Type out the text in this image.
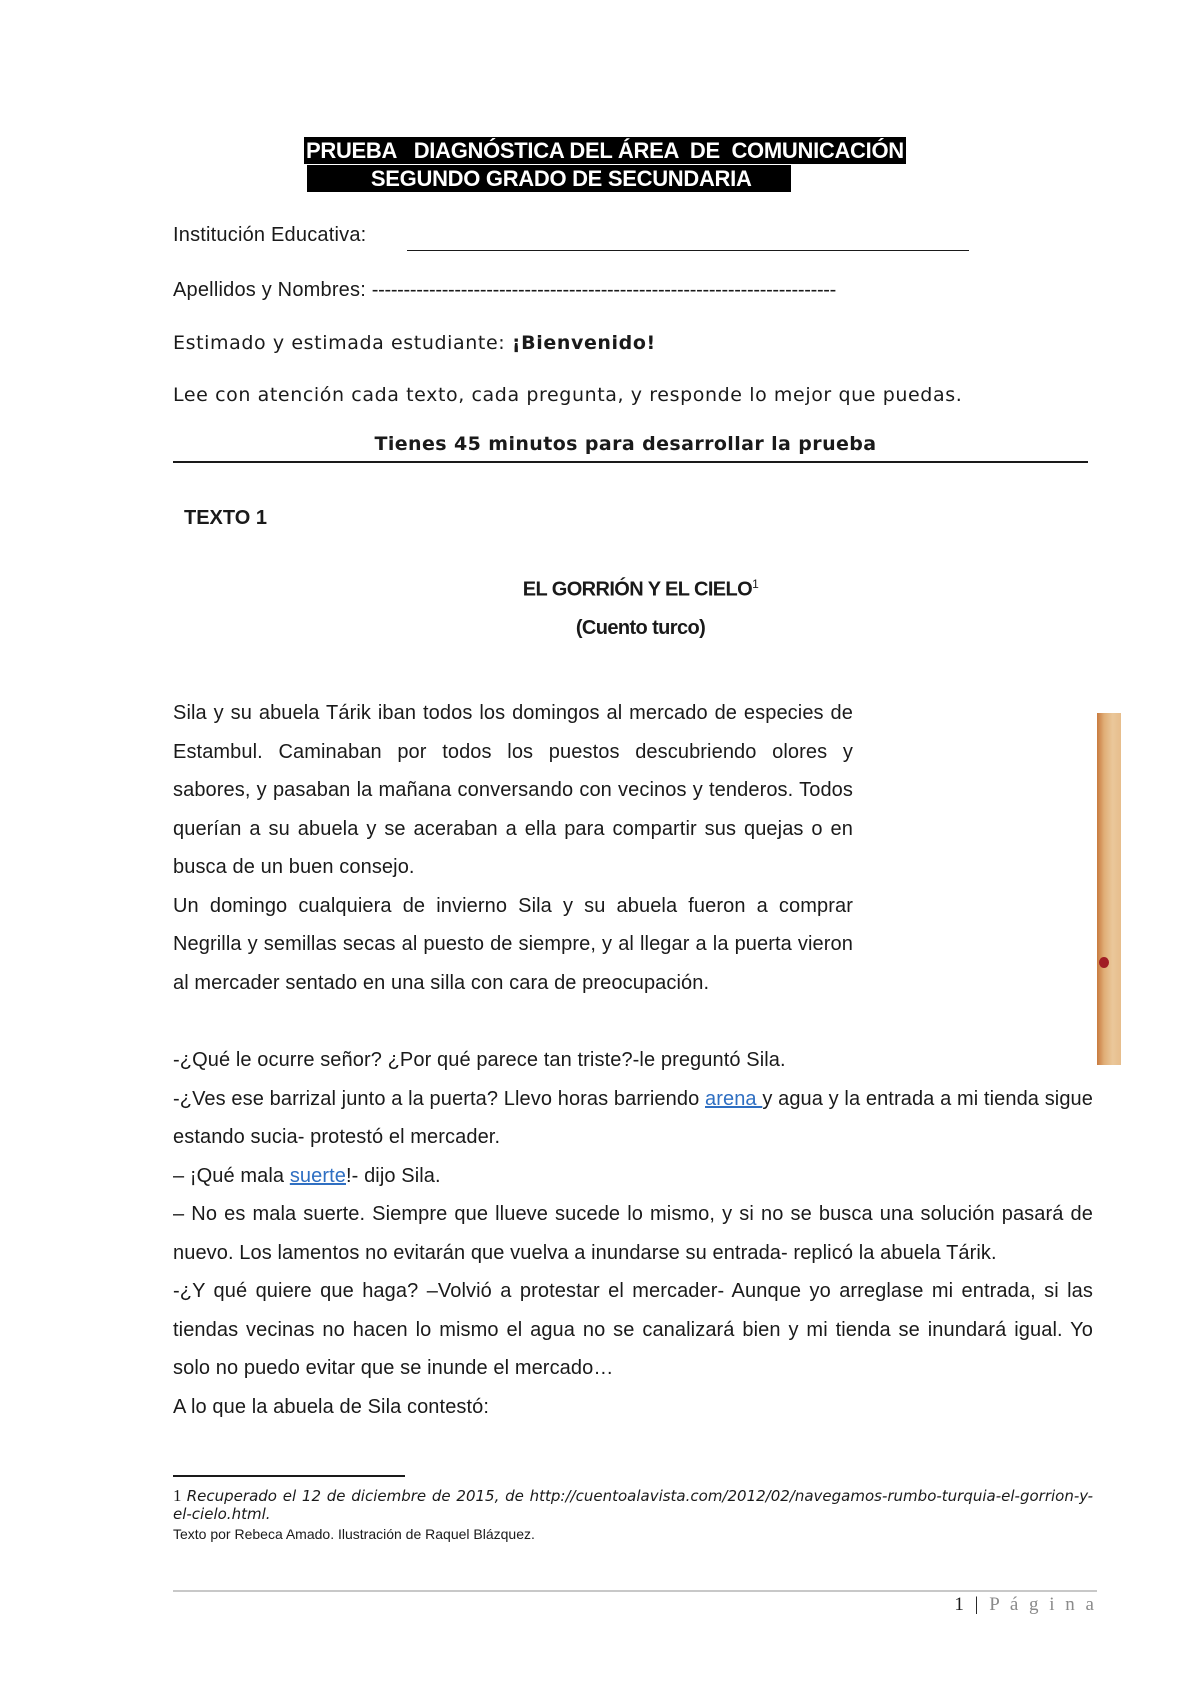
PRUEBA   DIAGNÓSTICA DEL ÁREA  DE  COMUNICACIÓN
SEGUNDO GRADO DE SECUNDARIA
Institución Educativa:
Apellidos y Nombres: -------------------------------------------------------------------------
Estimado y estimada estudiante: ¡Bienvenido!
Lee con atención cada texto, cada pregunta, y responde lo mejor que puedas.
Tienes 45 minutos para desarrollar la prueba
TEXTO 1
EL GORRIÓN Y EL CIELO$^1$
(Cuento turco)

Sila y su abuela Tárik iban todos los domingos al mercado de especies de Estambul. Caminaban por todos los puestos descubriendo olores y sabores, y pasaban la mañana conversando con vecinos y tenderos. Todos querían a su abuela y se aceraban a ella para compartir sus quejas o en busca de un buen consejo.

Un domingo cualquiera de invierno Sila y su abuela fueron a comprar Negrilla y semillas secas al puesto de siempre, y al llegar a la puerta vieron al mercader sentado en una silla con cara de preocupación.

-¿Qué le ocurre señor? ¿Por qué parece tan triste?-le preguntó Sila.

-¿Ves ese barrizal junto a la puerta? Llevo horas barriendo arena y agua y la entrada a mi tienda sigue estando sucia- protestó el mercader.

– ¡Qué mala suerte!- dijo Sila.

– No es mala suerte. Siempre que llueve sucede lo mismo, y si no se busca una solución pasará de nuevo. Los lamentos no evitarán que vuelva a inundarse su entrada- replicó la abuela Tárik.

-¿Y qué quiere que haga? –Volvió a protestar el mercader- Aunque yo arreglase mi entrada, si las tiendas vecinas no hacen lo mismo el agua no se canalizará bien y mi tienda se inundará igual. Yo solo no puedo evitar que se inunde el mercado…

A lo que la abuela de Sila contestó:

1 Recuperado el 12 de diciembre de 2015, de http://cuentoalavista.com/2012/02/navegamos-rumbo-turquia-el-gorrion-y-el-cielo.html.
Texto por Rebeca Amado. Ilustración de Raquel Blázquez.
1 | P á g i n a
